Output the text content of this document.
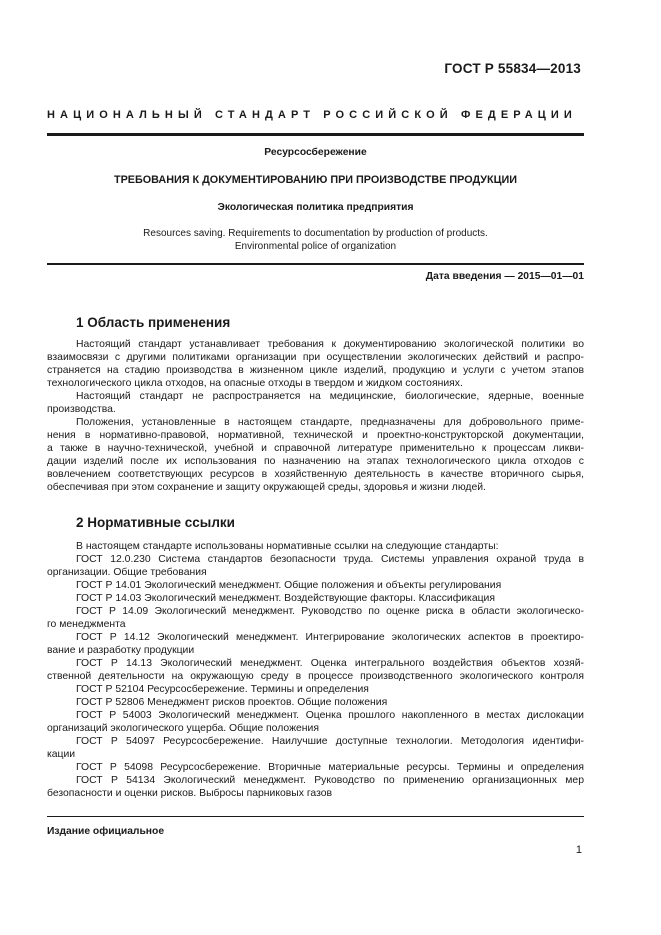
ГОСТ Р 55834—2013
НАЦИОНАЛЬНЫЙ СТАНДАРТ РОССИЙСКОЙ ФЕДЕРАЦИИ
Ресурсосбережение
ТРЕБОВАНИЯ К ДОКУМЕНТИРОВАНИЮ ПРИ ПРОИЗВОДСТВЕ ПРОДУКЦИИ
Экологическая политика предприятия
Resources saving. Requirements to documentation by production of products.
Environmental police of organization
Дата введения — 2015—01—01
1 Область применения

Настоящий стандарт устанавливает требования к документированию экологической политики во

взаимосвязи с другими политиками организации при осуществлении экологических действий и распро-

страняется на стадию производства в жизненном цикле изделий, продукцию и услуги с учетом этапов

технологического цикла отходов, на опасные отходы в твердом и жидком состояниях.

Настоящий стандарт не распространяется на медицинские, биологические, ядерные, военные

производства.

Положения, установленные в настоящем стандарте, предназначены для добровольного приме-

нения в нормативно-правовой, нормативной, технической и проектно-конструкторской документации,

а также в научно-технической, учебной и справочной литературе применительно к процессам ликви-

дации изделий после их использования по назначению на этапах технологического цикла отходов с

вовлечением соответствующих ресурсов в хозяйственную деятельность в качестве вторичного сырья,

обеспечивая при этом сохранение и защиту окружающей среды, здоровья и жизни людей.

2 Нормативные ссылки

В настоящем стандарте использованы нормативные ссылки на следующие стандарты:

ГОСТ 12.0.230 Система стандартов безопасности труда. Системы управления охраной труда в

организации. Общие требования

ГОСТ Р 14.01 Экологический менеджмент. Общие положения и объекты регулирования

ГОСТ Р 14.03 Экологический менеджмент. Воздействующие факторы. Классификация

ГОСТ Р 14.09 Экологический менеджмент. Руководство по оценке риска в области экологическо-

го менеджмента

ГОСТ Р 14.12 Экологический менеджмент. Интегрирование экологических аспектов в проектиро-

вание и разработку продукции

ГОСТ Р 14.13 Экологический менеджмент. Оценка интегрального воздействия объектов хозяй-

ственной деятельности на окружающую среду в процессе производственного экологического контроля

ГОСТ Р 52104 Ресурсосбережение. Термины и определения

ГОСТ Р 52806 Менеджмент рисков проектов. Общие положения

ГОСТ Р 54003 Экологический менеджмент. Оценка прошлого накопленного в местах дислокации

организаций экологического ущерба. Общие положения

ГОСТ Р 54097 Ресурсосбережение. Наилучшие доступные технологии. Методология идентифи-

кации

ГОСТ Р 54098 Ресурсосбережение. Вторичные материальные ресурсы. Термины и определения

ГОСТ Р 54134 Экологический менеджмент. Руководство по применению организационных мер

безопасности и оценки рисков. Выбросы парниковых газов

Издание официальное
1
